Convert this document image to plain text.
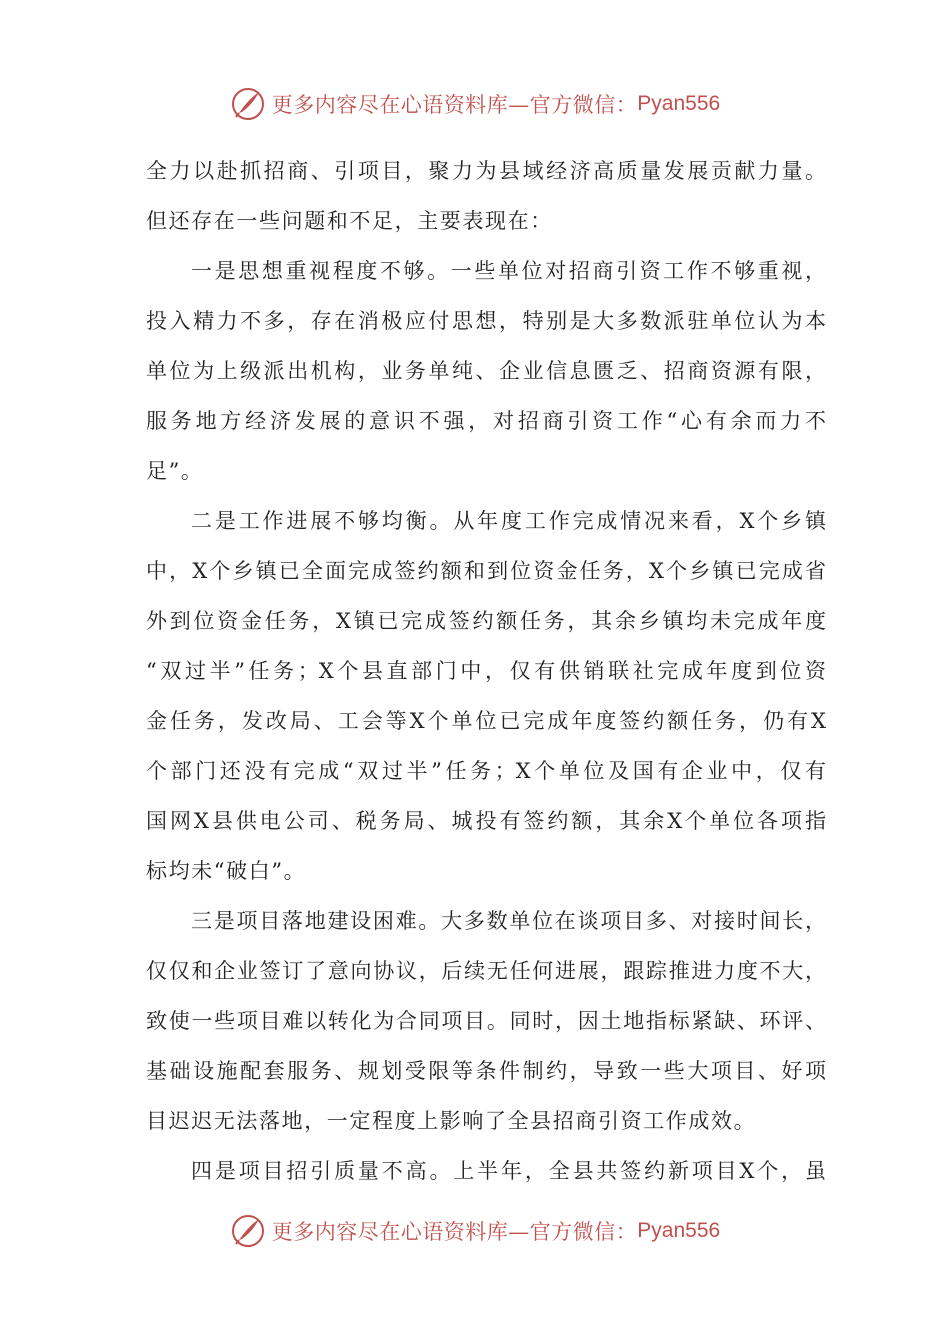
更多内容尽在心语资料库—官方微信： Pyan556
全力以赴抓招商、引项目，聚力为县域经济高质量发展贡献力量。
但还存在一些问题和不足，主要表现在：
一是思想重视程度不够。一些单位对招商引资工作不够重视，
投入精力不多，存在消极应付思想，特别是大多数派驻单位认为本
单位为上级派出机构，业务单纯、企业信息匮乏、招商资源有限，
服务地方经济发展的意识不强，对招商引资工作“心有余而力不
足”。
二是工作进展不够均衡。从年度工作完成情况来看，X个乡镇
中，X个乡镇已全面完成签约额和到位资金任务，X个乡镇已完成省
外到位资金任务，X镇已完成签约额任务，其余乡镇均未完成年度
“双过半”任务；X个县直部门中，仅有供销联社完成年度到位资
金任务，发改局、工会等X个单位已完成年度签约额任务，仍有X
个部门还没有完成“双过半”任务；X个单位及国有企业中，仅有
国网X县供电公司、税务局、城投有签约额，其余X个单位各项指
标均未“破白”。
三是项目落地建设困难。大多数单位在谈项目多、对接时间长，
仅仅和企业签订了意向协议，后续无任何进展，跟踪推进力度不大，
致使一些项目难以转化为合同项目。同时，因土地指标紧缺、环评、
基础设施配套服务、规划受限等条件制约，导致一些大项目、好项
目迟迟无法落地，一定程度上影响了全县招商引资工作成效。
四是项目招引质量不高。上半年，全县共签约新项目X个，虽
更多内容尽在心语资料库—官方微信： Pyan556
